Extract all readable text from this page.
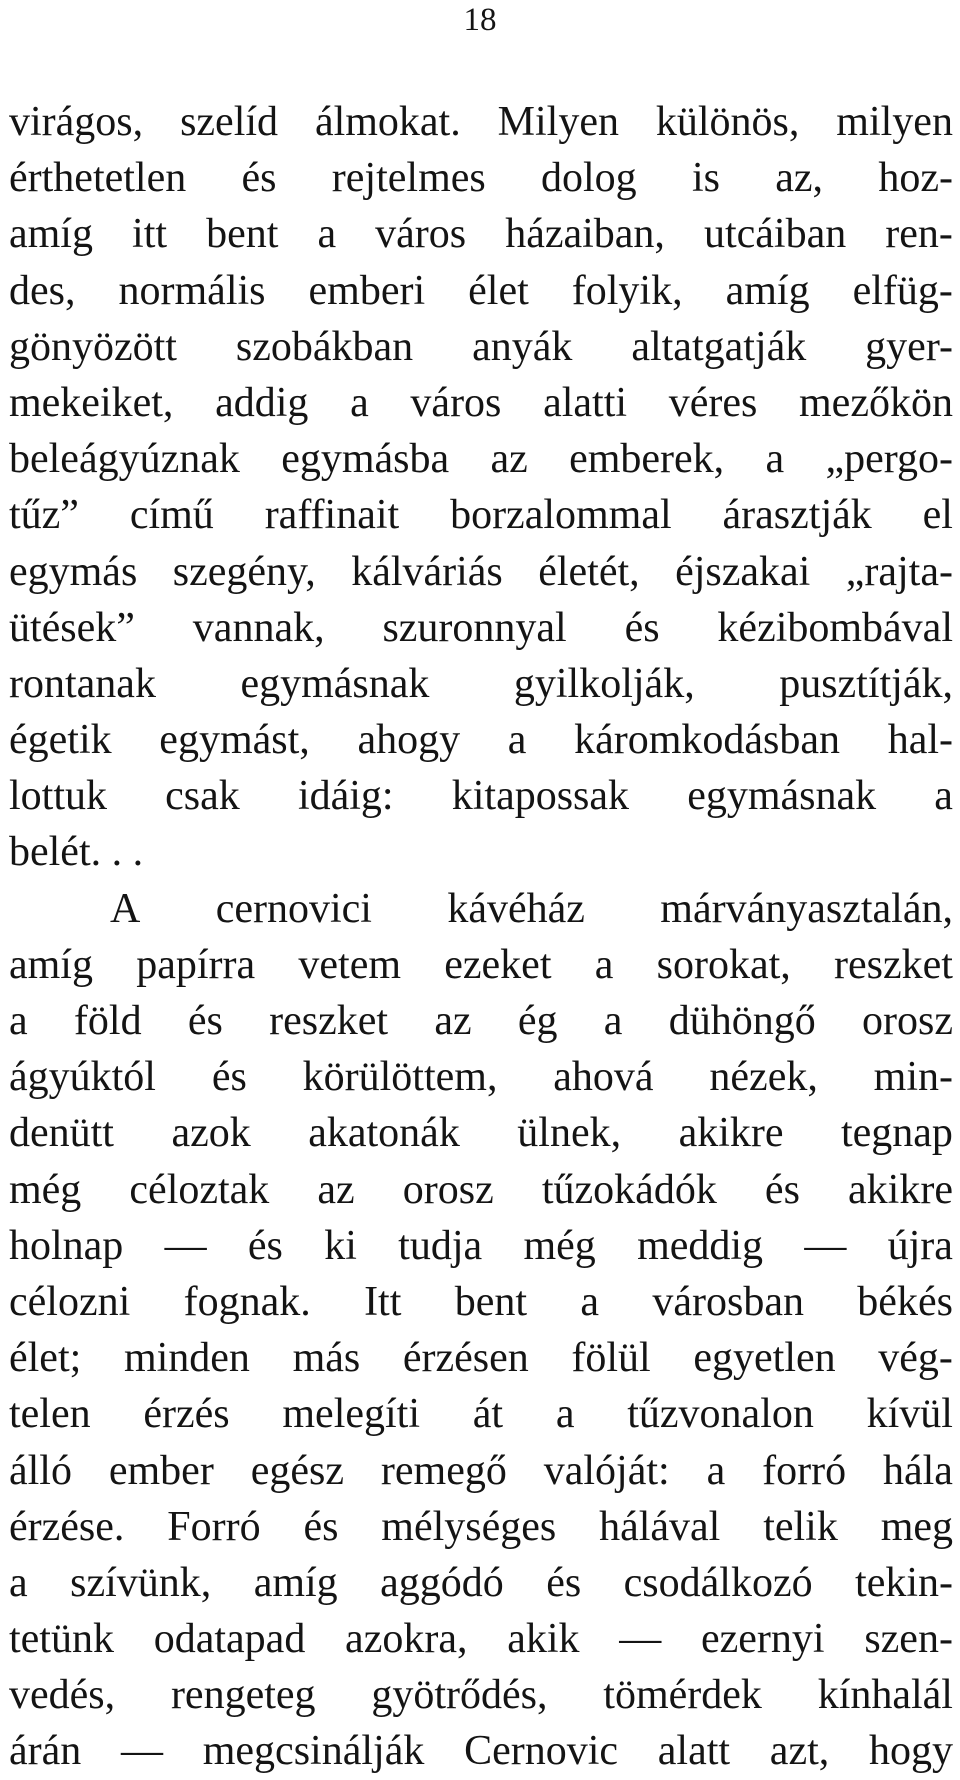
18
virágos, szelíd álmokat. Milyen különös, milyen
érthetetlen és rejtelmes dolog is az, hoz-
amíg itt bent a város házaiban, utcáiban ren-
des, normális emberi élet folyik, amíg elfüg-
gönyözött szobákban anyák altatgatják gyer-
mekeiket, addig a város alatti véres mezőkön
beleágyúznak egymásba az emberek, a „pergo-
tűz” című raffinait borzalommal árasztják el
egymás szegény, kálváriás életét, éjszakai „rajta-
ütések” vannak, szuronnyal és kézibombával
rontanak egymásnak gyilkolják, pusztítják,
égetik egymást, ahogy a káromkodásban hal-
lottuk csak idáig: kitapossak egymásnak a
belét. . .
A cernovici kávéház márványasztalán,
amíg papírra vetem ezeket a sorokat, reszket
a föld és reszket az ég a dühöngő orosz
ágyúktól és körülöttem, ahová nézek, min-
denütt azok akatonák ülnek, akikre tegnap
még céloztak az orosz tűzokádók és akikre
holnap — és ki tudja még meddig — újra
célozni fognak. Itt bent a városban békés
élet; minden más érzésen fölül egyetlen vég-
telen érzés melegíti át a tűzvonalon kívül
álló ember egész remegő valóját: a forró hála
érzése. Forró és mélységes hálával telik meg
a szívünk, amíg aggódó és csodálkozó tekin-
tetünk odatapad azokra, akik — ezernyi szen-
vedés, rengeteg gyötrődés, tömérdek kínhalál
árán — megcsinálják Cernovic alatt azt, hogy
